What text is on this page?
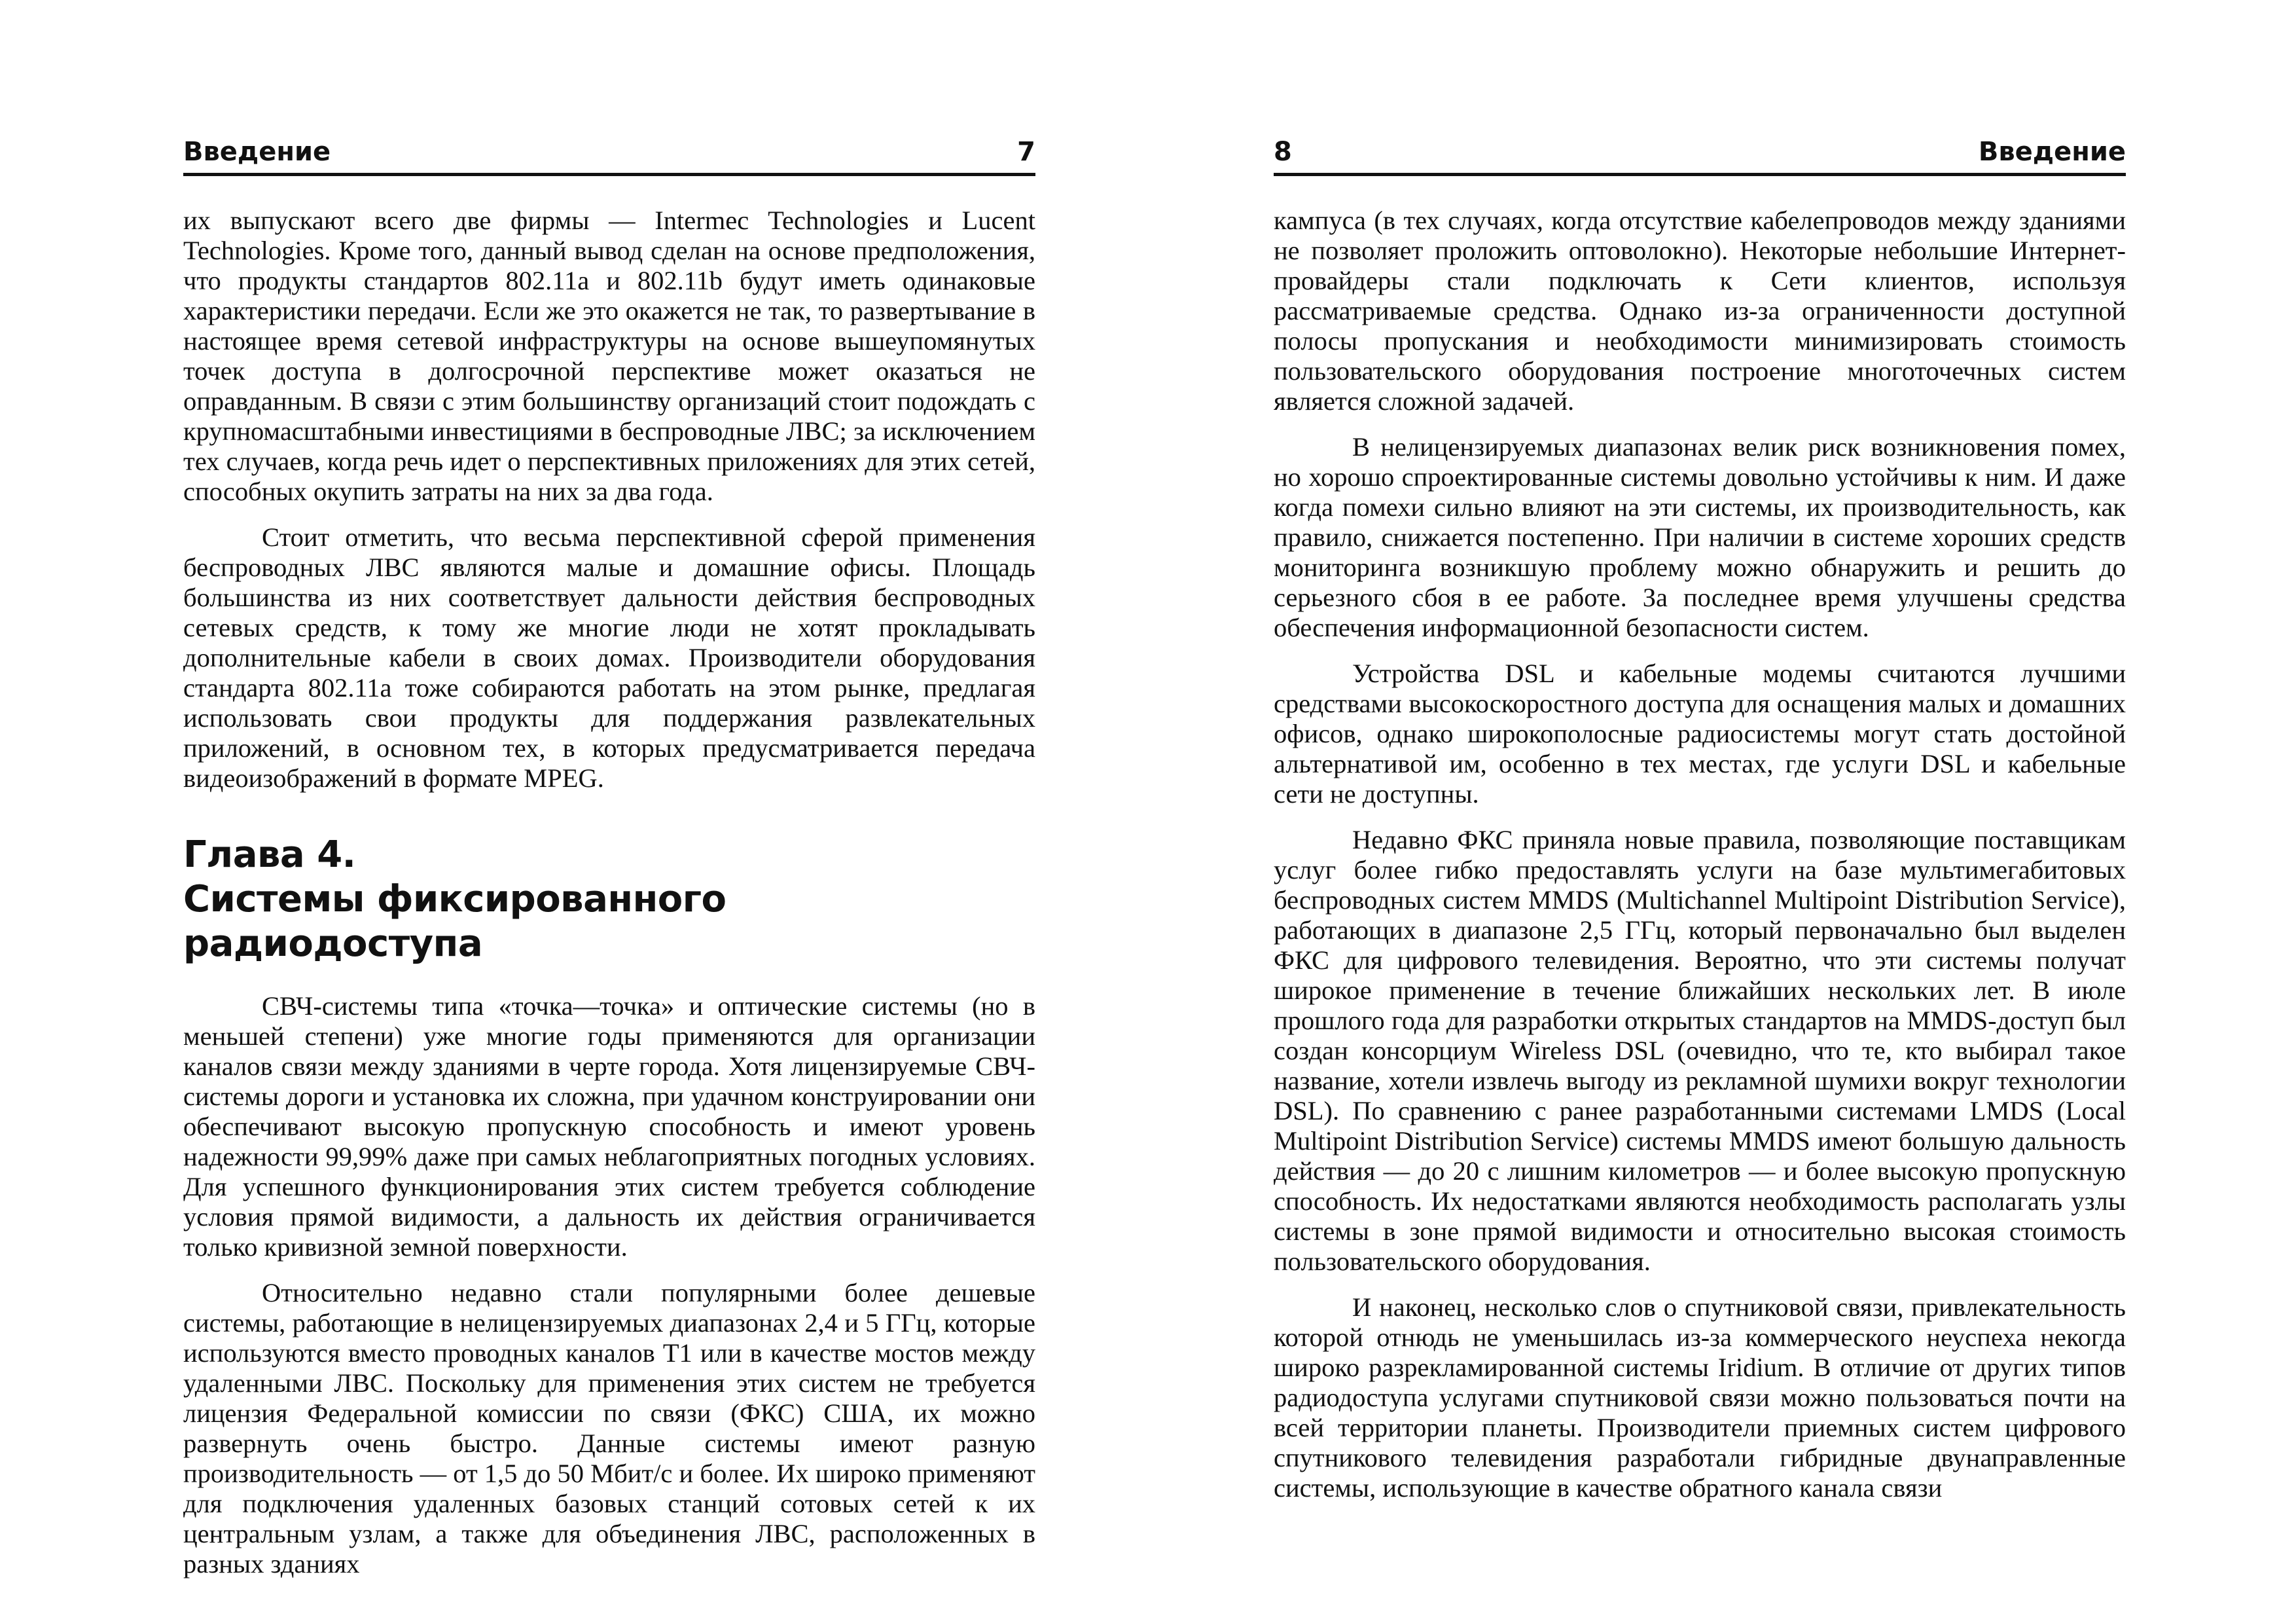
Введение	7

их выпускают всего две фирмы — Intermec Technologies и Lucent Technologies. Кроме того, данный вывод сделан на основе предположения, что продукты стандартов 802.11a и 802.11b будут иметь одинаковые характеристики передачи. Если же это окажется не так, то развертывание в настоящее время сетевой инфраструктуры на основе вышеупомянутых точек доступа в долгосрочной перспективе может оказаться не оправданным. В связи с этим большинству организаций стоит подождать с крупномасштабными инвестициями в беспроводные ЛВС; за исключением тех случаев, когда речь идет о перспективных приложениях для этих сетей, способных окупить затраты на них за два года.

Стоит отметить, что весьма перспективной сферой применения беспроводных ЛВС являются малые и домашние офисы. Площадь большинства из них соответствует дальности действия беспроводных сетевых средств, к тому же многие люди не хотят прокладывать дополнительные кабели в своих домах. Производители оборудования стандарта 802.11a тоже собираются работать на этом рынке, предлагая использовать свои продукты для поддержания развлекательных приложений, в основном тех, в которых предусматривается передача видеоизображений в формате MPEG.

Глава 4.
Системы фиксированного радиодоступа

СВЧ-системы типа «точка—точка» и оптические системы (но в меньшей степени) уже многие годы применяются для организации каналов связи между зданиями в черте города. Хотя лицензируемые СВЧ-системы дороги и установка их сложна, при удачном конструировании они обеспечивают высокую пропускную способность и имеют уровень надежности 99,99% даже при самых неблагоприятных погодных условиях. Для успешного функционирования этих систем требуется соблюдение условия прямой видимости, а дальность их действия ограничивается только кривизной земной поверхности.

Относительно недавно стали популярными более дешевые системы, работающие в нелицензируемых диапазонах 2,4 и 5 ГГц, которые используются вместо проводных каналов T1 или в качестве мостов между удаленными ЛВС. Поскольку для применения этих систем не требуется лицензия Федеральной комиссии по связи (ФКС) США, их можно развернуть очень быстро. Данные системы имеют разную производительность — от 1,5 до 50 Мбит/с и более. Их широко применяют для подключения удаленных базовых станций сотовых сетей к их центральным узлам, а также для объединения ЛВС, расположенных в разных зданиях

8	Введение

кампуса (в тех случаях, когда отсутствие кабелепроводов между зданиями не позволяет проложить оптоволокно). Некоторые небольшие Интернет-провайдеры стали подключать к Сети клиентов, используя рассматриваемые средства. Однако из-за ограниченности доступной полосы пропускания и необходимости минимизировать стоимость пользовательского оборудования построение многоточечных систем является сложной задачей.

В нелицензируемых диапазонах велик риск возникновения помех, но хорошо спроектированные системы довольно устойчивы к ним. И даже когда помехи сильно влияют на эти системы, их производительность, как правило, снижается постепенно. При наличии в системе хороших средств мониторинга возникшую проблему можно обнаружить и решить до серьезного сбоя в ее работе. За последнее время улучшены средства обеспечения информационной безопасности систем.

Устройства DSL и кабельные модемы считаются лучшими средствами высокоскоростного доступа для оснащения малых и домашних офисов, однако широкополосные радиосистемы могут стать достойной альтернативой им, особенно в тех местах, где услуги DSL и кабельные сети не доступны.

Недавно ФКС приняла новые правила, позволяющие поставщикам услуг более гибко предоставлять услуги на базе мультимегабитовых беспроводных систем MMDS (Multichannel Multipoint Distribution Service), работающих в диапазоне 2,5 ГГц, который первоначально был выделен ФКС для цифрового телевидения. Вероятно, что эти системы получат широкое применение в течение ближайших нескольких лет. В июле прошлого года для разработки открытых стандартов на MMDS-доступ был создан консорциум Wireless DSL (очевидно, что те, кто выбирал такое название, хотели извлечь выгоду из рекламной шумихи вокруг технологии DSL). По сравнению с ранее разработанными системами LMDS (Local Multipoint Distribution Service) системы MMDS имеют большую дальность действия — до 20 с лишним километров — и более высокую пропускную способность. Их недостатками являются необходимость располагать узлы системы в зоне прямой видимости и относительно высокая стоимость пользовательского оборудования.

И наконец, несколько слов о спутниковой связи, привлекательность которой отнюдь не уменьшилась из-за коммерческого неуспеха некогда широко разрекламированной системы Iridium. В отличие от других типов радиодоступа услугами спутниковой связи можно пользоваться почти на всей территории планеты. Производители приемных систем цифрового спутникового телевидения разработали гибридные двунаправленные системы, использующие в качестве обратного канала связи
